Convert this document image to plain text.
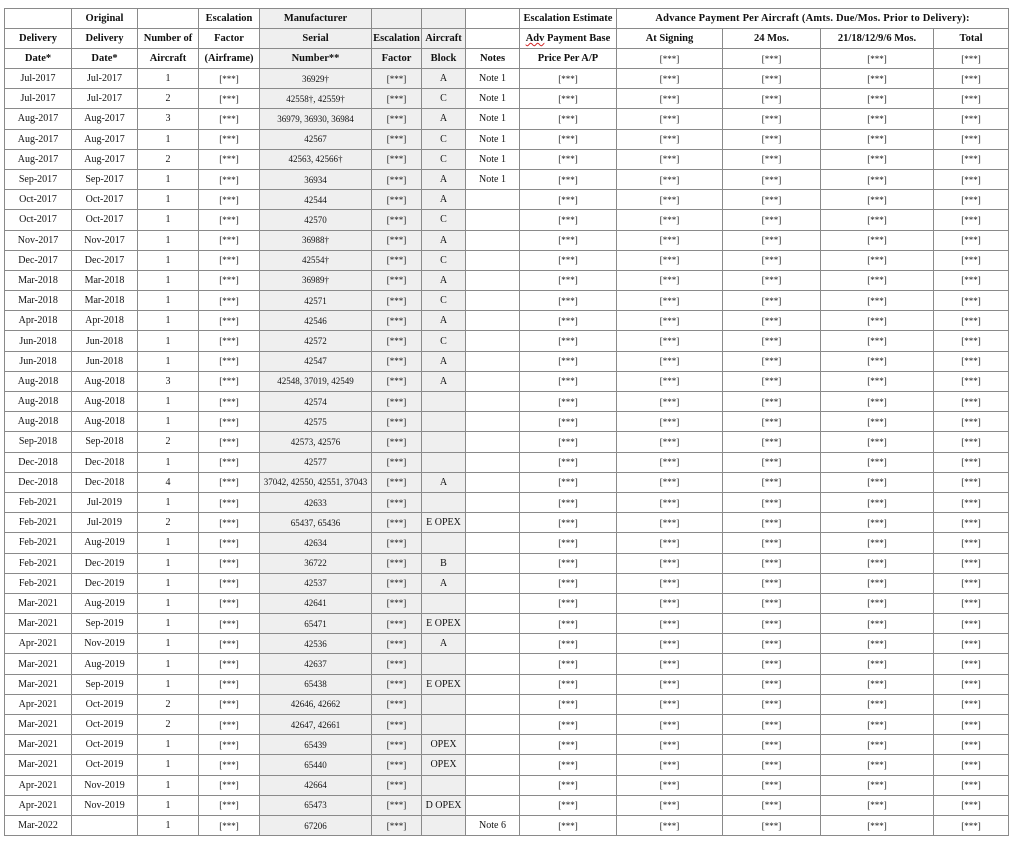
	Original		Escalation	Manufacturer				Escalation Estimate	Advance Payment Per Aircraft (Amts. Due/Mos. Prior to Delivery):			
Delivery	Delivery	Number of	Factor	Serial	Escalation	Aircraft		Adv Payment Base	At Signing	24 Mos.	21/18/12/9/6 Mos.	Total
Date*	Date*	Aircraft	(Airframe)	Number**	Factor	Block	Notes	Price Per A/P	[***]	[***]	[***]	[***]
Jul-2017	Jul-2017	1	[***]	36929†	[***]	A	Note 1	[***]	[***]	[***]	[***]	[***]
Jul-2017	Jul-2017	2	[***]	42558†, 42559†	[***]	C	Note 1	[***]	[***]	[***]	[***]	[***]
Aug-2017	Aug-2017	3	[***]	36979, 36930, 36984	[***]	A	Note 1	[***]	[***]	[***]	[***]	[***]
Aug-2017	Aug-2017	1	[***]	42567	[***]	C	Note 1	[***]	[***]	[***]	[***]	[***]
Aug-2017	Aug-2017	2	[***]	42563, 42566†	[***]	C	Note 1	[***]	[***]	[***]	[***]	[***]
Sep-2017	Sep-2017	1	[***]	36934	[***]	A	Note 1	[***]	[***]	[***]	[***]	[***]
Oct-2017	Oct-2017	1	[***]	42544	[***]	A		[***]	[***]	[***]	[***]	[***]
Oct-2017	Oct-2017	1	[***]	42570	[***]	C		[***]	[***]	[***]	[***]	[***]
Nov-2017	Nov-2017	1	[***]	36988†	[***]	A		[***]	[***]	[***]	[***]	[***]
Dec-2017	Dec-2017	1	[***]	42554†	[***]	C		[***]	[***]	[***]	[***]	[***]
Mar-2018	Mar-2018	1	[***]	36989†	[***]	A		[***]	[***]	[***]	[***]	[***]
Mar-2018	Mar-2018	1	[***]	42571	[***]	C		[***]	[***]	[***]	[***]	[***]
Apr-2018	Apr-2018	1	[***]	42546	[***]	A		[***]	[***]	[***]	[***]	[***]
Jun-2018	Jun-2018	1	[***]	42572	[***]	C		[***]	[***]	[***]	[***]	[***]
Jun-2018	Jun-2018	1	[***]	42547	[***]	A		[***]	[***]	[***]	[***]	[***]
Aug-2018	Aug-2018	3	[***]	42548, 37019, 42549	[***]	A		[***]	[***]	[***]	[***]	[***]
Aug-2018	Aug-2018	1	[***]	42574	[***]			[***]	[***]	[***]	[***]	[***]
Aug-2018	Aug-2018	1	[***]	42575	[***]			[***]	[***]	[***]	[***]	[***]
Sep-2018	Sep-2018	2	[***]	42573, 42576	[***]			[***]	[***]	[***]	[***]	[***]
Dec-2018	Dec-2018	1	[***]	42577	[***]			[***]	[***]	[***]	[***]	[***]
Dec-2018	Dec-2018	4	[***]	37042, 42550, 42551, 37043	[***]	A		[***]	[***]	[***]	[***]	[***]
Feb-2021	Jul-2019	1	[***]	42633	[***]			[***]	[***]	[***]	[***]	[***]
Feb-2021	Jul-2019	2	[***]	65437, 65436	[***]	E OPEX		[***]	[***]	[***]	[***]	[***]
Feb-2021	Aug-2019	1	[***]	42634	[***]			[***]	[***]	[***]	[***]	[***]
Feb-2021	Dec-2019	1	[***]	36722	[***]	B		[***]	[***]	[***]	[***]	[***]
Feb-2021	Dec-2019	1	[***]	42537	[***]	A		[***]	[***]	[***]	[***]	[***]
Mar-2021	Aug-2019	1	[***]	42641	[***]			[***]	[***]	[***]	[***]	[***]
Mar-2021	Sep-2019	1	[***]	65471	[***]	E OPEX		[***]	[***]	[***]	[***]	[***]
Apr-2021	Nov-2019	1	[***]	42536	[***]	A		[***]	[***]	[***]	[***]	[***]
Mar-2021	Aug-2019	1	[***]	42637	[***]			[***]	[***]	[***]	[***]	[***]
Mar-2021	Sep-2019	1	[***]	65438	[***]	E OPEX		[***]	[***]	[***]	[***]	[***]
Apr-2021	Oct-2019	2	[***]	42646, 42662	[***]			[***]	[***]	[***]	[***]	[***]
Mar-2021	Oct-2019	2	[***]	42647, 42661	[***]			[***]	[***]	[***]	[***]	[***]
Mar-2021	Oct-2019	1	[***]	65439	[***]	OPEX		[***]	[***]	[***]	[***]	[***]
Mar-2021	Oct-2019	1	[***]	65440	[***]	OPEX		[***]	[***]	[***]	[***]	[***]
Apr-2021	Nov-2019	1	[***]	42664	[***]			[***]	[***]	[***]	[***]	[***]
Apr-2021	Nov-2019	1	[***]	65473	[***]	D OPEX		[***]	[***]	[***]	[***]	[***]
Mar-2022		1	[***]	67206	[***]		Note 6	[***]	[***]	[***]	[***]	[***]
